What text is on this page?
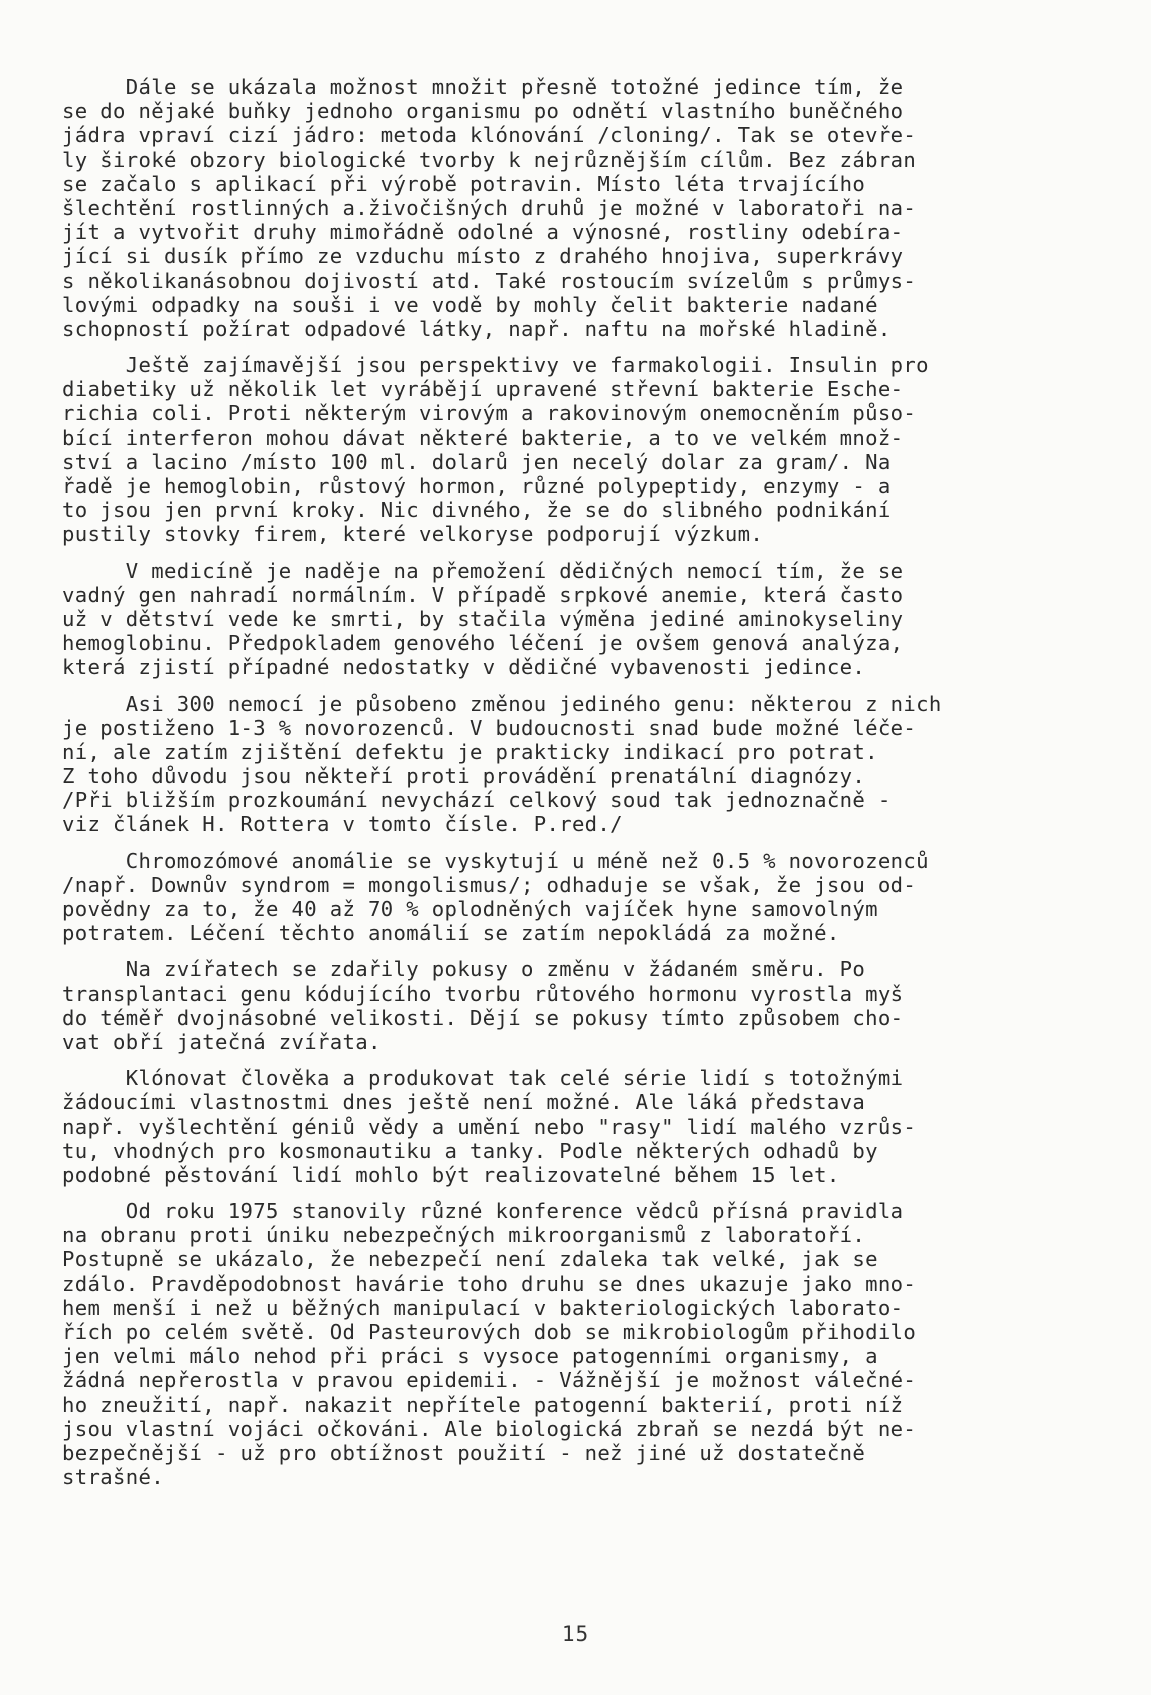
Dále se ukázala možnost množit přesně totožné jedince tím, že
se do nějaké buňky jednoho organismu po odnětí vlastního buněčného
jádra vpraví cizí jádro: metoda klónování /cloning/. Tak se otevře-
ly široké obzory biologické tvorby k nejrůznějším cílům. Bez zábran
se začalo s aplikací při výrobě potravin. Místo léta trvajícího
šlechtění rostlinných a.živočišných druhů je možné v laboratoři na-
jít a vytvořit druhy mimořádně odolné a výnosné, rostliny odebíra-
jící si dusík přímo ze vzduchu místo z drahého hnojiva, superkrávy
s několikanásobnou dojivostí atd. Také rostoucím svízelům s průmys-
lovými odpadky na souši i ve vodě by mohly čelit bakterie nadané
schopností požírat odpadové látky, např. naftu na mořské hladině.
Ještě zajímavější jsou perspektivy ve farmakologii. Insulin pro
diabetiky už několik let vyrábějí upravené střevní bakterie Esche-
richia coli. Proti některým virovým a rakovinovým onemocněním půso-
bící interferon mohou dávat některé bakterie, a to ve velkém množ-
ství a lacino /místo 100 ml. dolarů jen necelý dolar za gram/. Na
řadě je hemoglobin, růstový hormon, různé polypeptidy, enzymy - a
to jsou jen první kroky. Nic divného, že se do slibného podnikání
pustily stovky firem, které velkoryse podporují výzkum.
V medicíně je naděje na přemožení dědičných nemocí tím, že se
vadný gen nahradí normálním. V případě srpkové anemie, která často
už v dětství vede ke smrti, by stačila výměna jediné aminokyseliny
hemoglobinu. Předpokladem genového léčení je ovšem genová analýza,
která zjistí případné nedostatky v dědičné vybavenosti jedince.
Asi 300 nemocí je působeno změnou jediného genu: některou z nich
je postiženo 1-3 % novorozenců. V budoucnosti snad bude možné léče-
ní, ale zatím zjištění defektu je prakticky indikací pro potrat.
Z toho důvodu jsou někteří proti provádění prenatální diagnózy.
/Při bližším prozkoumání nevychází celkový soud tak jednoznačně -
viz článek H. Rottera v tomto čísle. P.red./
Chromozómové anomálie se vyskytují u méně než 0.5 % novorozenců
/např. Downův syndrom = mongolismus/; odhaduje se však, že jsou od-
povědny za to, že 40 až 70 % oplodněných vajíček hyne samovolným
potratem. Léčení těchto anomálií se zatím nepokládá za možné.
Na zvířatech se zdařily pokusy o změnu v žádaném směru. Po
transplantaci genu kódujícího tvorbu růtového hormonu vyrostla myš
do téměř dvojnásobné velikosti. Dějí se pokusy tímto způsobem cho-
vat obří jatečná zvířata.
Klónovat člověka a produkovat tak celé série lidí s totožnými
žádoucími vlastnostmi dnes ještě není možné. Ale láká představa
např. vyšlechtění géniů vědy a umění nebo "rasy" lidí malého vzrůs-
tu, vhodných pro kosmonautiku a tanky. Podle některých odhadů by
podobné pěstování lidí mohlo být realizovatelné během 15 let.
Od roku 1975 stanovily různé konference vědců přísná pravidla
na obranu proti úniku nebezpečných mikroorganismů z laboratoří.
Postupně se ukázalo, že nebezpečí není zdaleka tak velké, jak se
zdálo. Pravděpodobnost havárie toho druhu se dnes ukazuje jako mno-
hem menší i než u běžných manipulací v bakteriologických laborato-
řích po celém světě. Od Pasteurových dob se mikrobiologům přihodilo
jen velmi málo nehod při práci s vysoce patogenními organismy, a
žádná nepřerostla v pravou epidemii. - Vážnější je možnost válečné-
ho zneužití, např. nakazit nepřítele patogenní bakterií, proti níž
jsou vlastní vojáci očkováni. Ale biologická zbraň se nezdá být ne-
bezpečnější - už pro obtížnost použití - než jiné už dostatečně
strašné.
15
